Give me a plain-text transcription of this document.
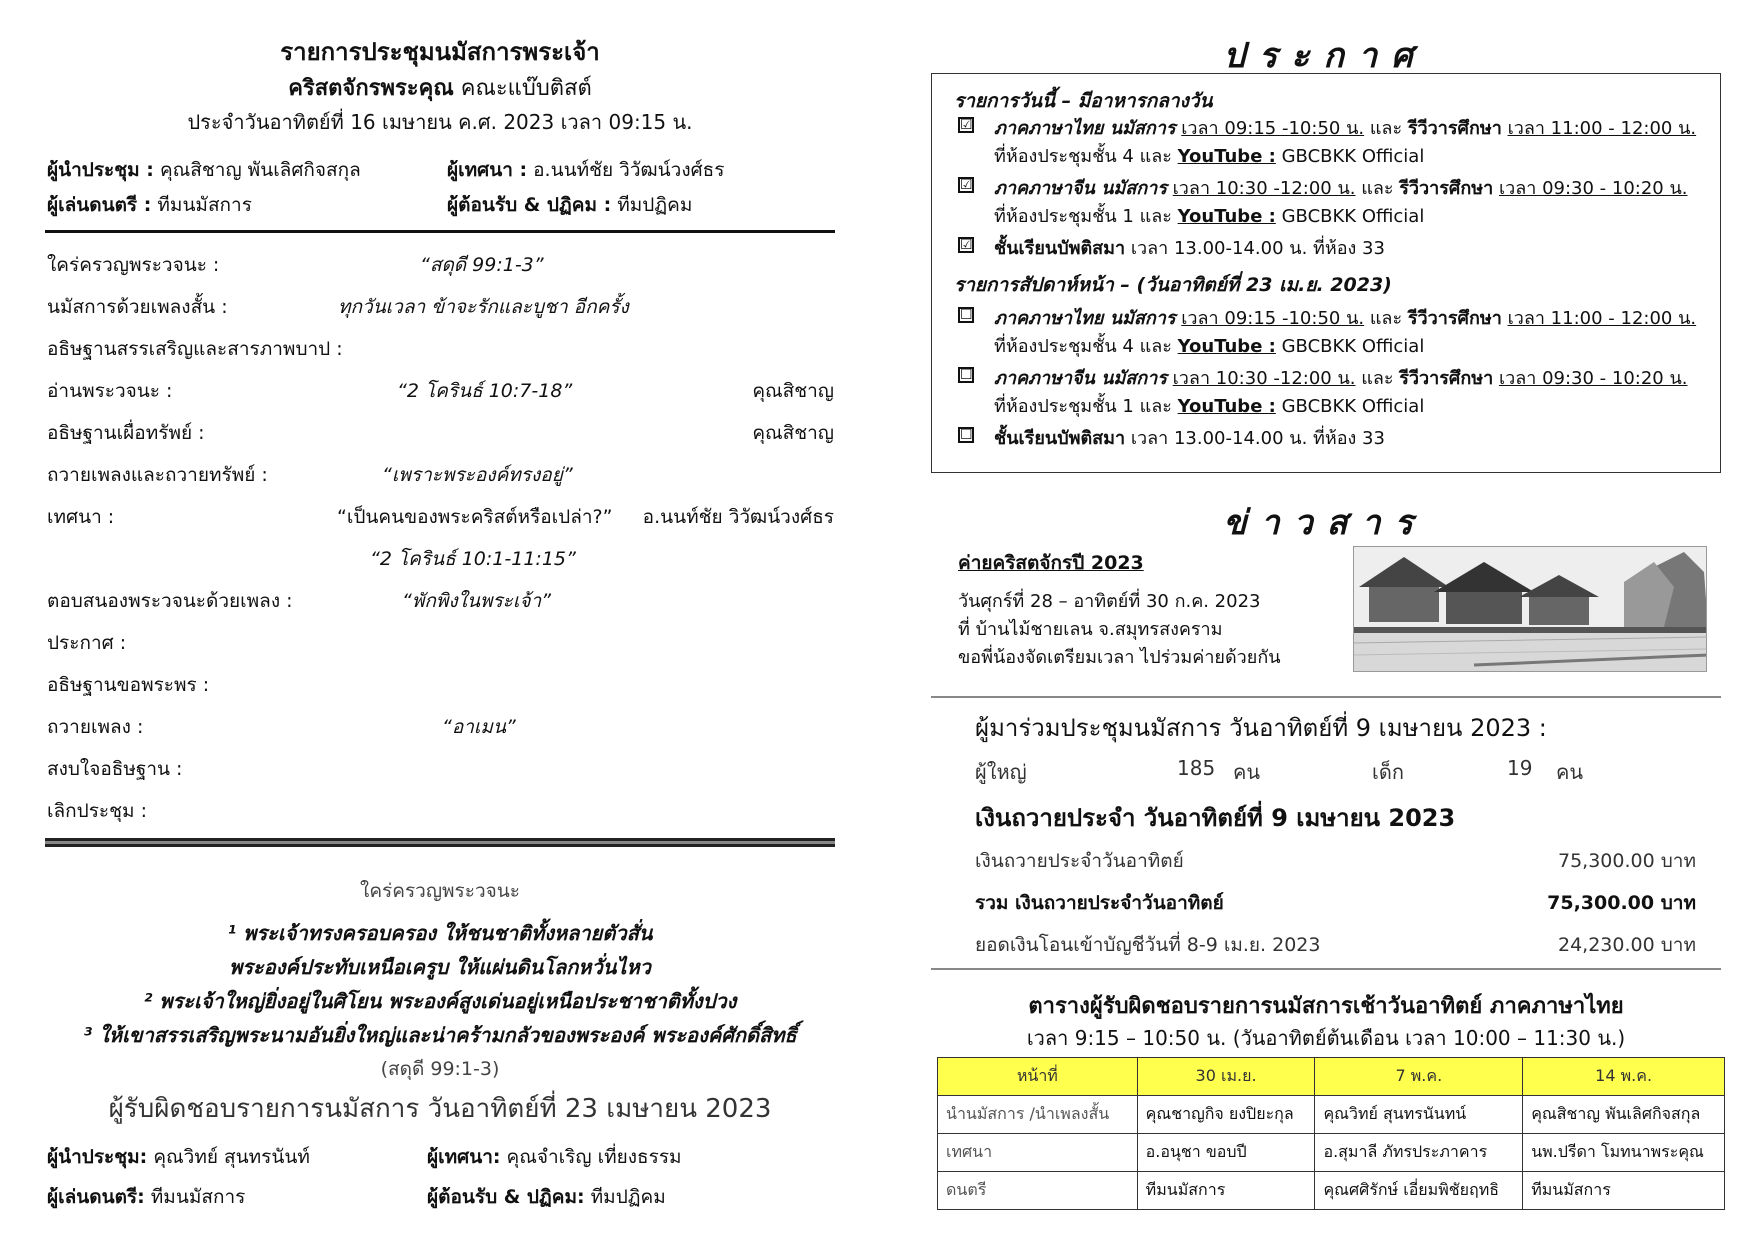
รายการประชุมนมัสการพระเจ้า
คริสตจักรพระคุณ คณะแบ๊บติสต์
ประจำวันอาทิตย์ที่ 16 เมษายน ค.ศ. 2023 เวลา 09:15 น.
ผู้นำประชุม : คุณสิชาญ พันเลิศกิจสกุล	ผู้เทศนา : อ.นนท์ชัย วิวัฒน์วงศ์ธร
ผู้เล่นดนตรี : ทีมนมัสการ	ผู้ต้อนรับ & ปฏิคม : ทีมปฏิคม
ใคร่ครวญพระวจนะ :	“สดุดี 99:1-3”
นมัสการด้วยเพลงสั้น :	ทุกวันเวลา ข้าจะรักและบูชา อีกครั้ง
อธิษฐานสรรเสริญและสารภาพบาป :
อ่านพระวจนะ :	“2 โครินธ์ 10:7-18”	คุณสิชาญ
อธิษฐานเผื่อทรัพย์ :	คุณสิชาญ
ถวายเพลงและถวายทรัพย์ :	“เพราะพระองค์ทรงอยู่”
เทศนา :	“เป็นคนของพระคริสต์หรือเปล่า?” อ.นนท์ชัย วิวัฒน์วงศ์ธร
“2 โครินธ์ 10:1-11:15”
ตอบสนองพระวจนะด้วยเพลง :	“พักพิงในพระเจ้า”
ประกาศ :
อธิษฐานขอพระพร :
ถวายเพลง :	“อาเมน”
สงบใจอธิษฐาน :
เลิกประชุม :
ใคร่ครวญพระวจนะ
¹ พระเจ้าทรงครอบครอง ให้ชนชาติทั้งหลายตัวสั่น
พระองค์ประทับเหนือเครูบ ให้แผ่นดินโลกหวั่นไหว
² พระเจ้าใหญ่ยิ่งอยู่ในศิโยน พระองค์สูงเด่นอยู่เหนือประชาชาติทั้งปวง
³ ให้เขาสรรเสริญพระนามอันยิ่งใหญ่และน่าคร้ามกลัวของพระองค์ พระองค์ศักดิ์สิทธิ์
(สดุดี 99:1-3)
ผู้รับผิดชอบรายการนมัสการ วันอาทิตย์ที่ 23 เมษายน 2023
ผู้นำประชุม: คุณวิทย์ สุนทรนันท์	ผู้เทศนา: คุณจำเริญ เที่ยงธรรม
ผู้เล่นดนตรี: ทีมนมัสการ	ผู้ต้อนรับ & ปฏิคม: ทีมปฏิคม
ประกาศ
รายการวันนี้ – มีอาหารกลางวัน
☑ ภาคภาษาไทย นมัสการ เวลา 09:15 -10:50 น. และ รีวีวารศึกษา เวลา 11:00 - 12:00 น.
ที่ห้องประชุมชั้น 4 และ YouTube : GBCBKK Official
☑ ภาคภาษาจีน นมัสการ เวลา 10:30 -12:00 น. และ รีวีวารศึกษา เวลา 09:30 - 10:20 น.
ที่ห้องประชุมชั้น 1 และ YouTube : GBCBKK Official
☑ ชั้นเรียนบัพติสมา เวลา 13.00-14.00 น. ที่ห้อง 33
รายการสัปดาห์หน้า – (วันอาทิตย์ที่ 23 เม.ย. 2023)
☐ ภาคภาษาไทย นมัสการ เวลา 09:15 -10:50 น. และ รีวีวารศึกษา เวลา 11:00 - 12:00 น.
ที่ห้องประชุมชั้น 4 และ YouTube : GBCBKK Official
☐ ภาคภาษาจีน นมัสการ เวลา 10:30 -12:00 น. และ รีวีวารศึกษา เวลา 09:30 - 10:20 น.
ที่ห้องประชุมชั้น 1 และ YouTube : GBCBKK Official
☐ ชั้นเรียนบัพติสมา เวลา 13.00-14.00 น. ที่ห้อง 33
ข่าวสาร
ค่ายคริสตจักรปี 2023
วันศุกร์ที่ 28 – อาทิตย์ที่ 30 ก.ค. 2023
ที่ บ้านไม้ชายเลน จ.สมุทรสงคราม
ขอพี่น้องจัดเตรียมเวลา ไปร่วมค่ายด้วยกัน
ผู้มาร่วมประชุมนมัสการ วันอาทิตย์ที่ 9 เมษายน 2023 :
ผู้ใหญ่	185 คน	เด็ก	19 คน
เงินถวายประจำ วันอาทิตย์ที่ 9 เมษายน 2023
เงินถวายประจำวันอาทิตย์	75,300.00 บาท
รวม เงินถวายประจำวันอาทิตย์	75,300.00 บาท
ยอดเงินโอนเข้าบัญชีวันที่ 8-9 เม.ย. 2023	24,230.00 บาท
ตารางผู้รับผิดชอบรายการนมัสการเช้าวันอาทิตย์ ภาคภาษาไทย
เวลา 9:15 – 10:50 น. (วันอาทิตย์ต้นเดือน เวลา 10:00 – 11:30 น.)
หน้าที่	30 เม.ย.	7 พ.ค.	14 พ.ค.
นำนมัสการ /นำเพลงสั้น	คุณชาญกิจ ยงปิยะกุล	คุณวิทย์ สุนทรนันทน์	คุณสิชาญ พันเลิศกิจสกุล
เทศนา	อ.อนุชา ขอบปี	อ.สุมาลี ภัทรประภาคาร	นพ.ปรีดา โมทนาพระคุณ
ดนตรี	ทีมนมัสการ	คุณศศิรักษ์ เอี่ยมพิชัยฤทธิ	ทีมนมัสการ
